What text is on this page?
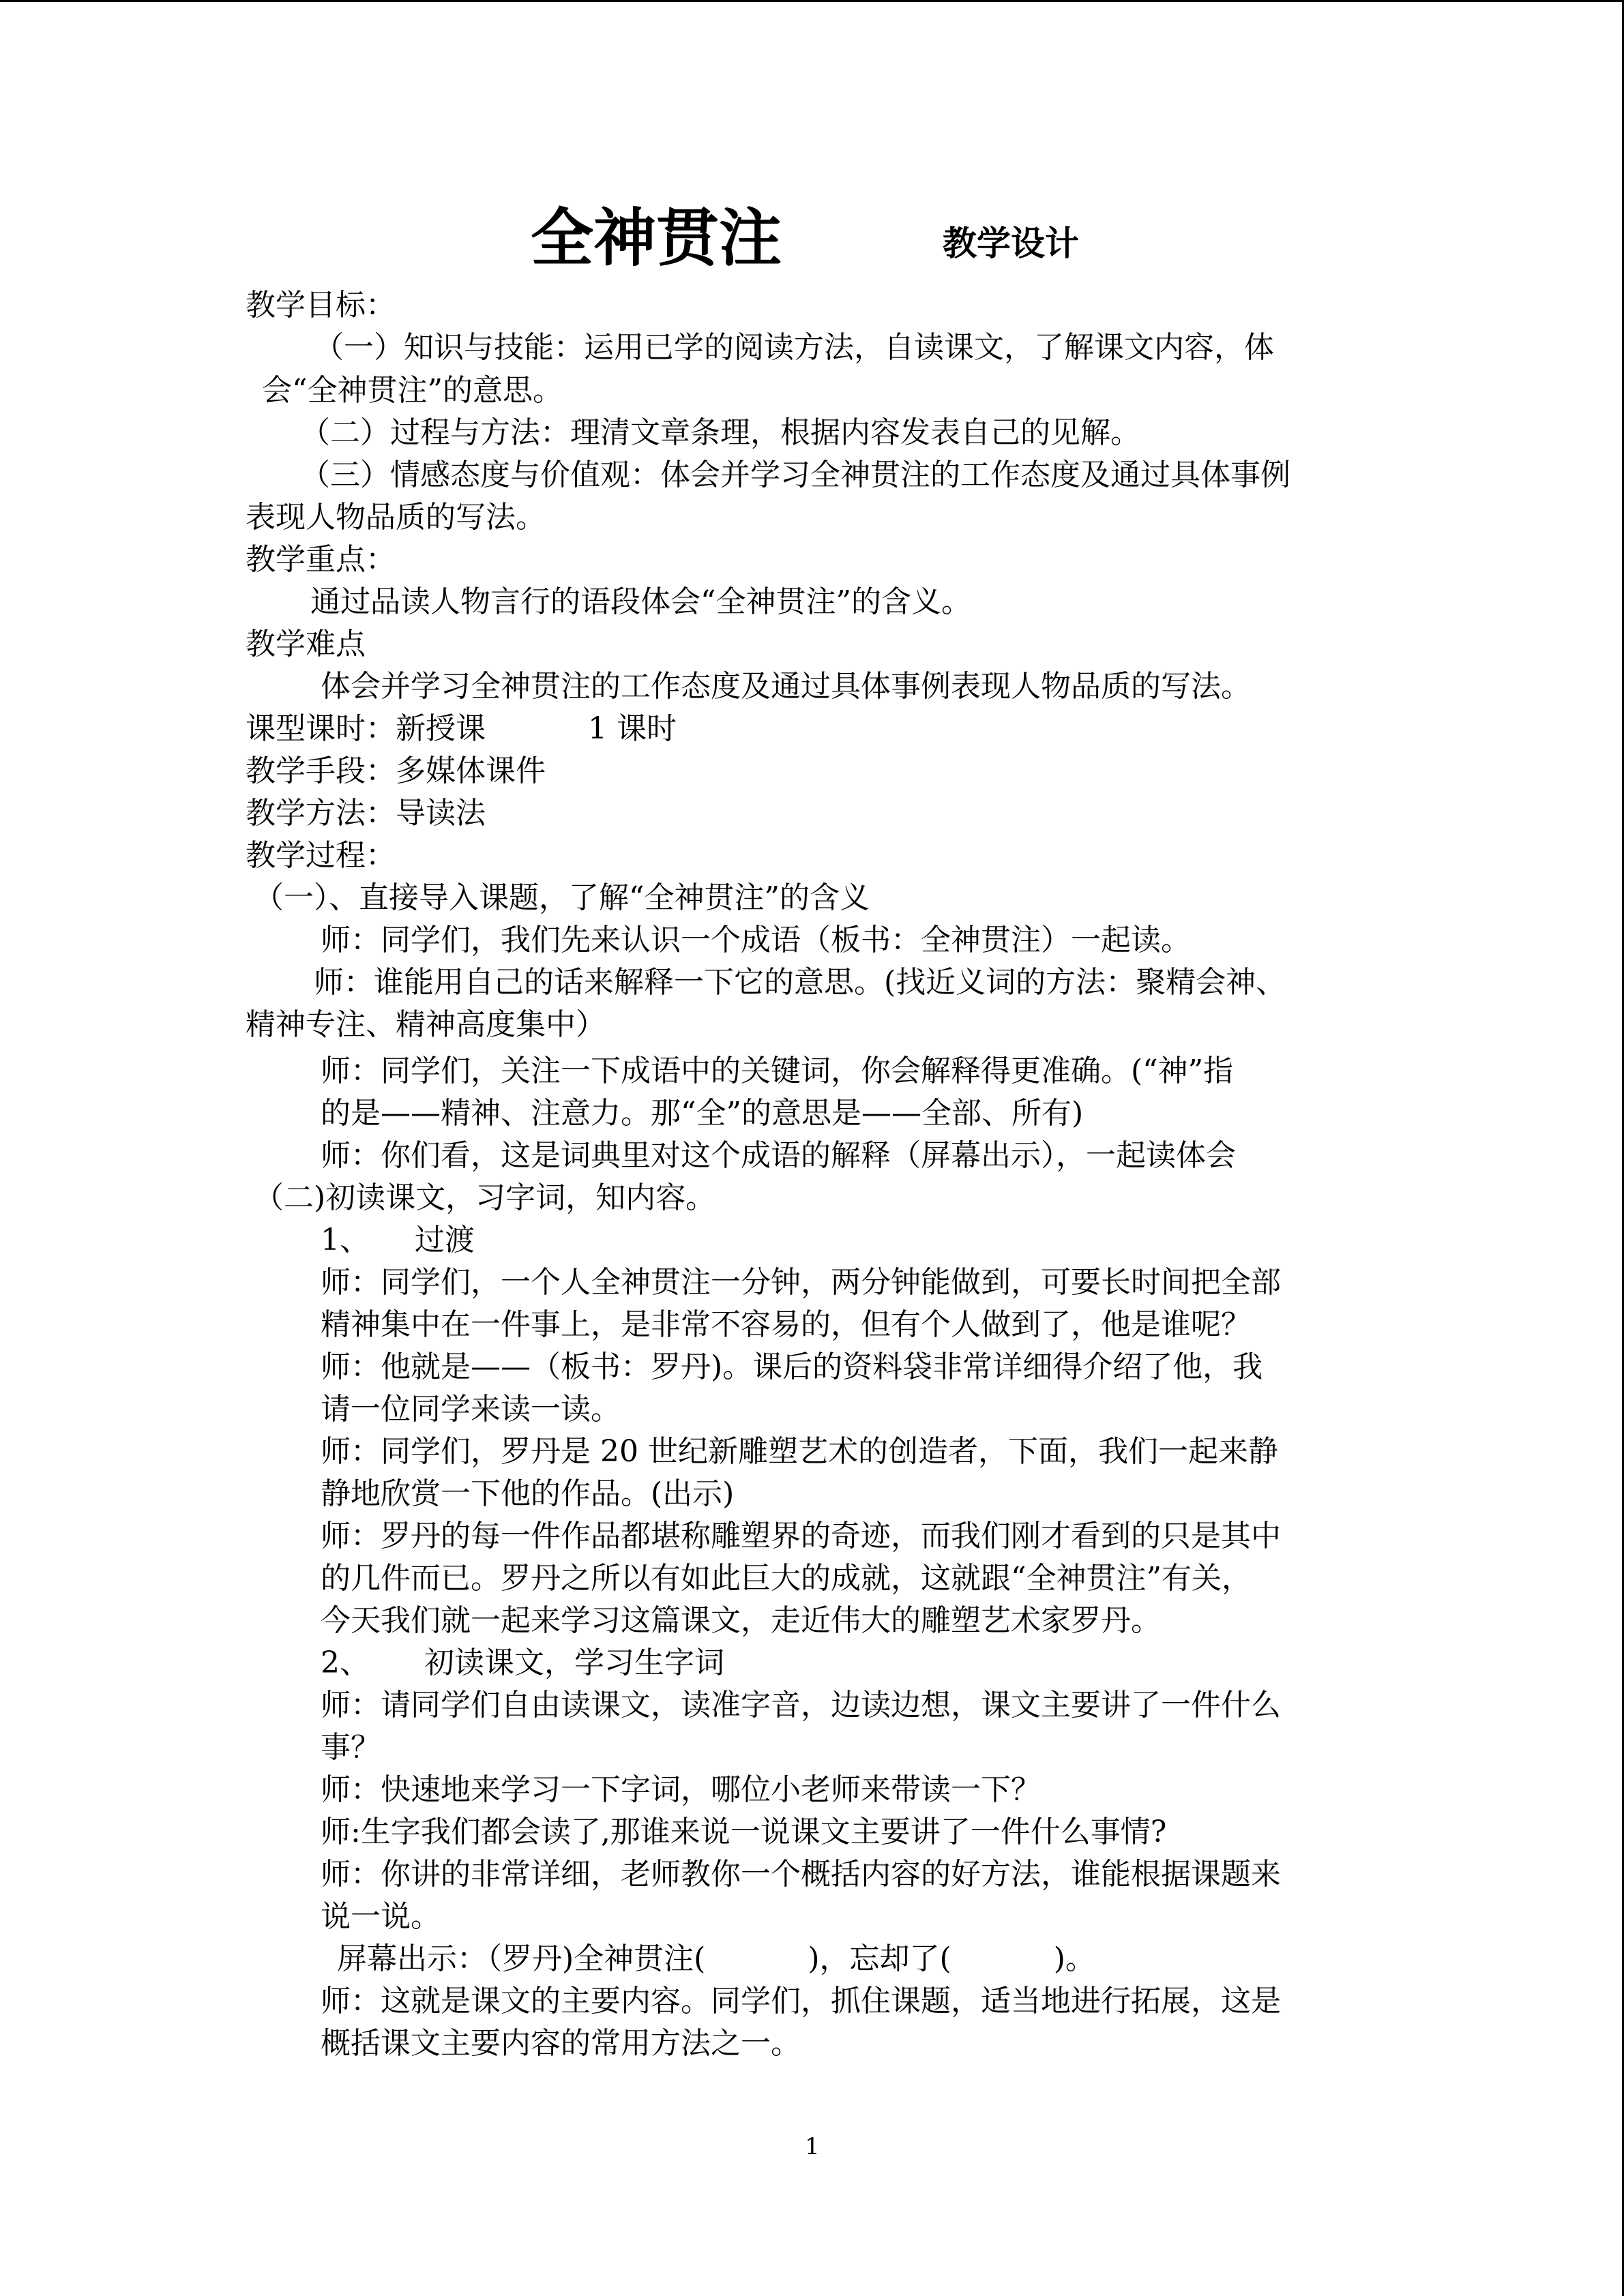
全神贯注	教学设计
教学目标：
（一）知识与技能：运用已学的阅读方法，自读课文，了解课文内容，体
会“全神贯注”的意思。
（二）过程与方法：理清文章条理，根据内容发表自己的见解。
（三）情感态度与价值观：体会并学习全神贯注的工作态度及通过具体事例
表现人物品质的写法。
教学重点：
通过品读人物言行的语段体会“全神贯注”的含义。
教学难点
体会并学习全神贯注的工作态度及通过具体事例表现人物品质的写法。
课型课时：新授课	1 课时
教学手段：多媒体课件
教学方法：导读法
教学过程：
（一）、直接导入课题，了解“全神贯注”的含义
师：同学们，我们先来认识一个成语（板书：全神贯注）一起读。
师：谁能用自己的话来解释一下它的意思。(找近义词的方法：聚精会神、
精神专注、精神高度集中）
师：同学们，关注一下成语中的关键词，你会解释得更准确。(“神”指
的是——精神、注意力。那“全”的意思是——全部、所有)
师：你们看，这是词典里对这个成语的解释（屏幕出示），一起读体会
（二)初读课文，习字词，知内容。
1、 过渡
师：同学们，一个人全神贯注一分钟，两分钟能做到，可要长时间把全部
精神集中在一件事上，是非常不容易的，但有个人做到了，他是谁呢？
师：他就是——（板书：罗丹)。课后的资料袋非常详细得介绍了他，我
请一位同学来读一读。
师：同学们，罗丹是 20 世纪新雕塑艺术的创造者，下面，我们一起来静
静地欣赏一下他的作品。(出示)
师：罗丹的每一件作品都堪称雕塑界的奇迹，而我们刚才看到的只是其中
的几件而已。罗丹之所以有如此巨大的成就，这就跟“全神贯注”有关，
今天我们就一起来学习这篇课文，走近伟大的雕塑艺术家罗丹。
2、 初读课文，学习生字词
师：请同学们自由读课文，读准字音，边读边想，课文主要讲了一件什么
事？
师：快速地来学习一下字词，哪位小老师来带读一下？
师:生字我们都会读了,那谁来说一说课文主要讲了一件什么事情?
师：你讲的非常详细，老师教你一个概括内容的好方法，谁能根据课题来
说一说。
屏幕出示：（罗丹)全神贯注(	)，忘却了(	)。
师：这就是课文的主要内容。同学们，抓住课题，适当地进行拓展，这是
概括课文主要内容的常用方法之一。
1
